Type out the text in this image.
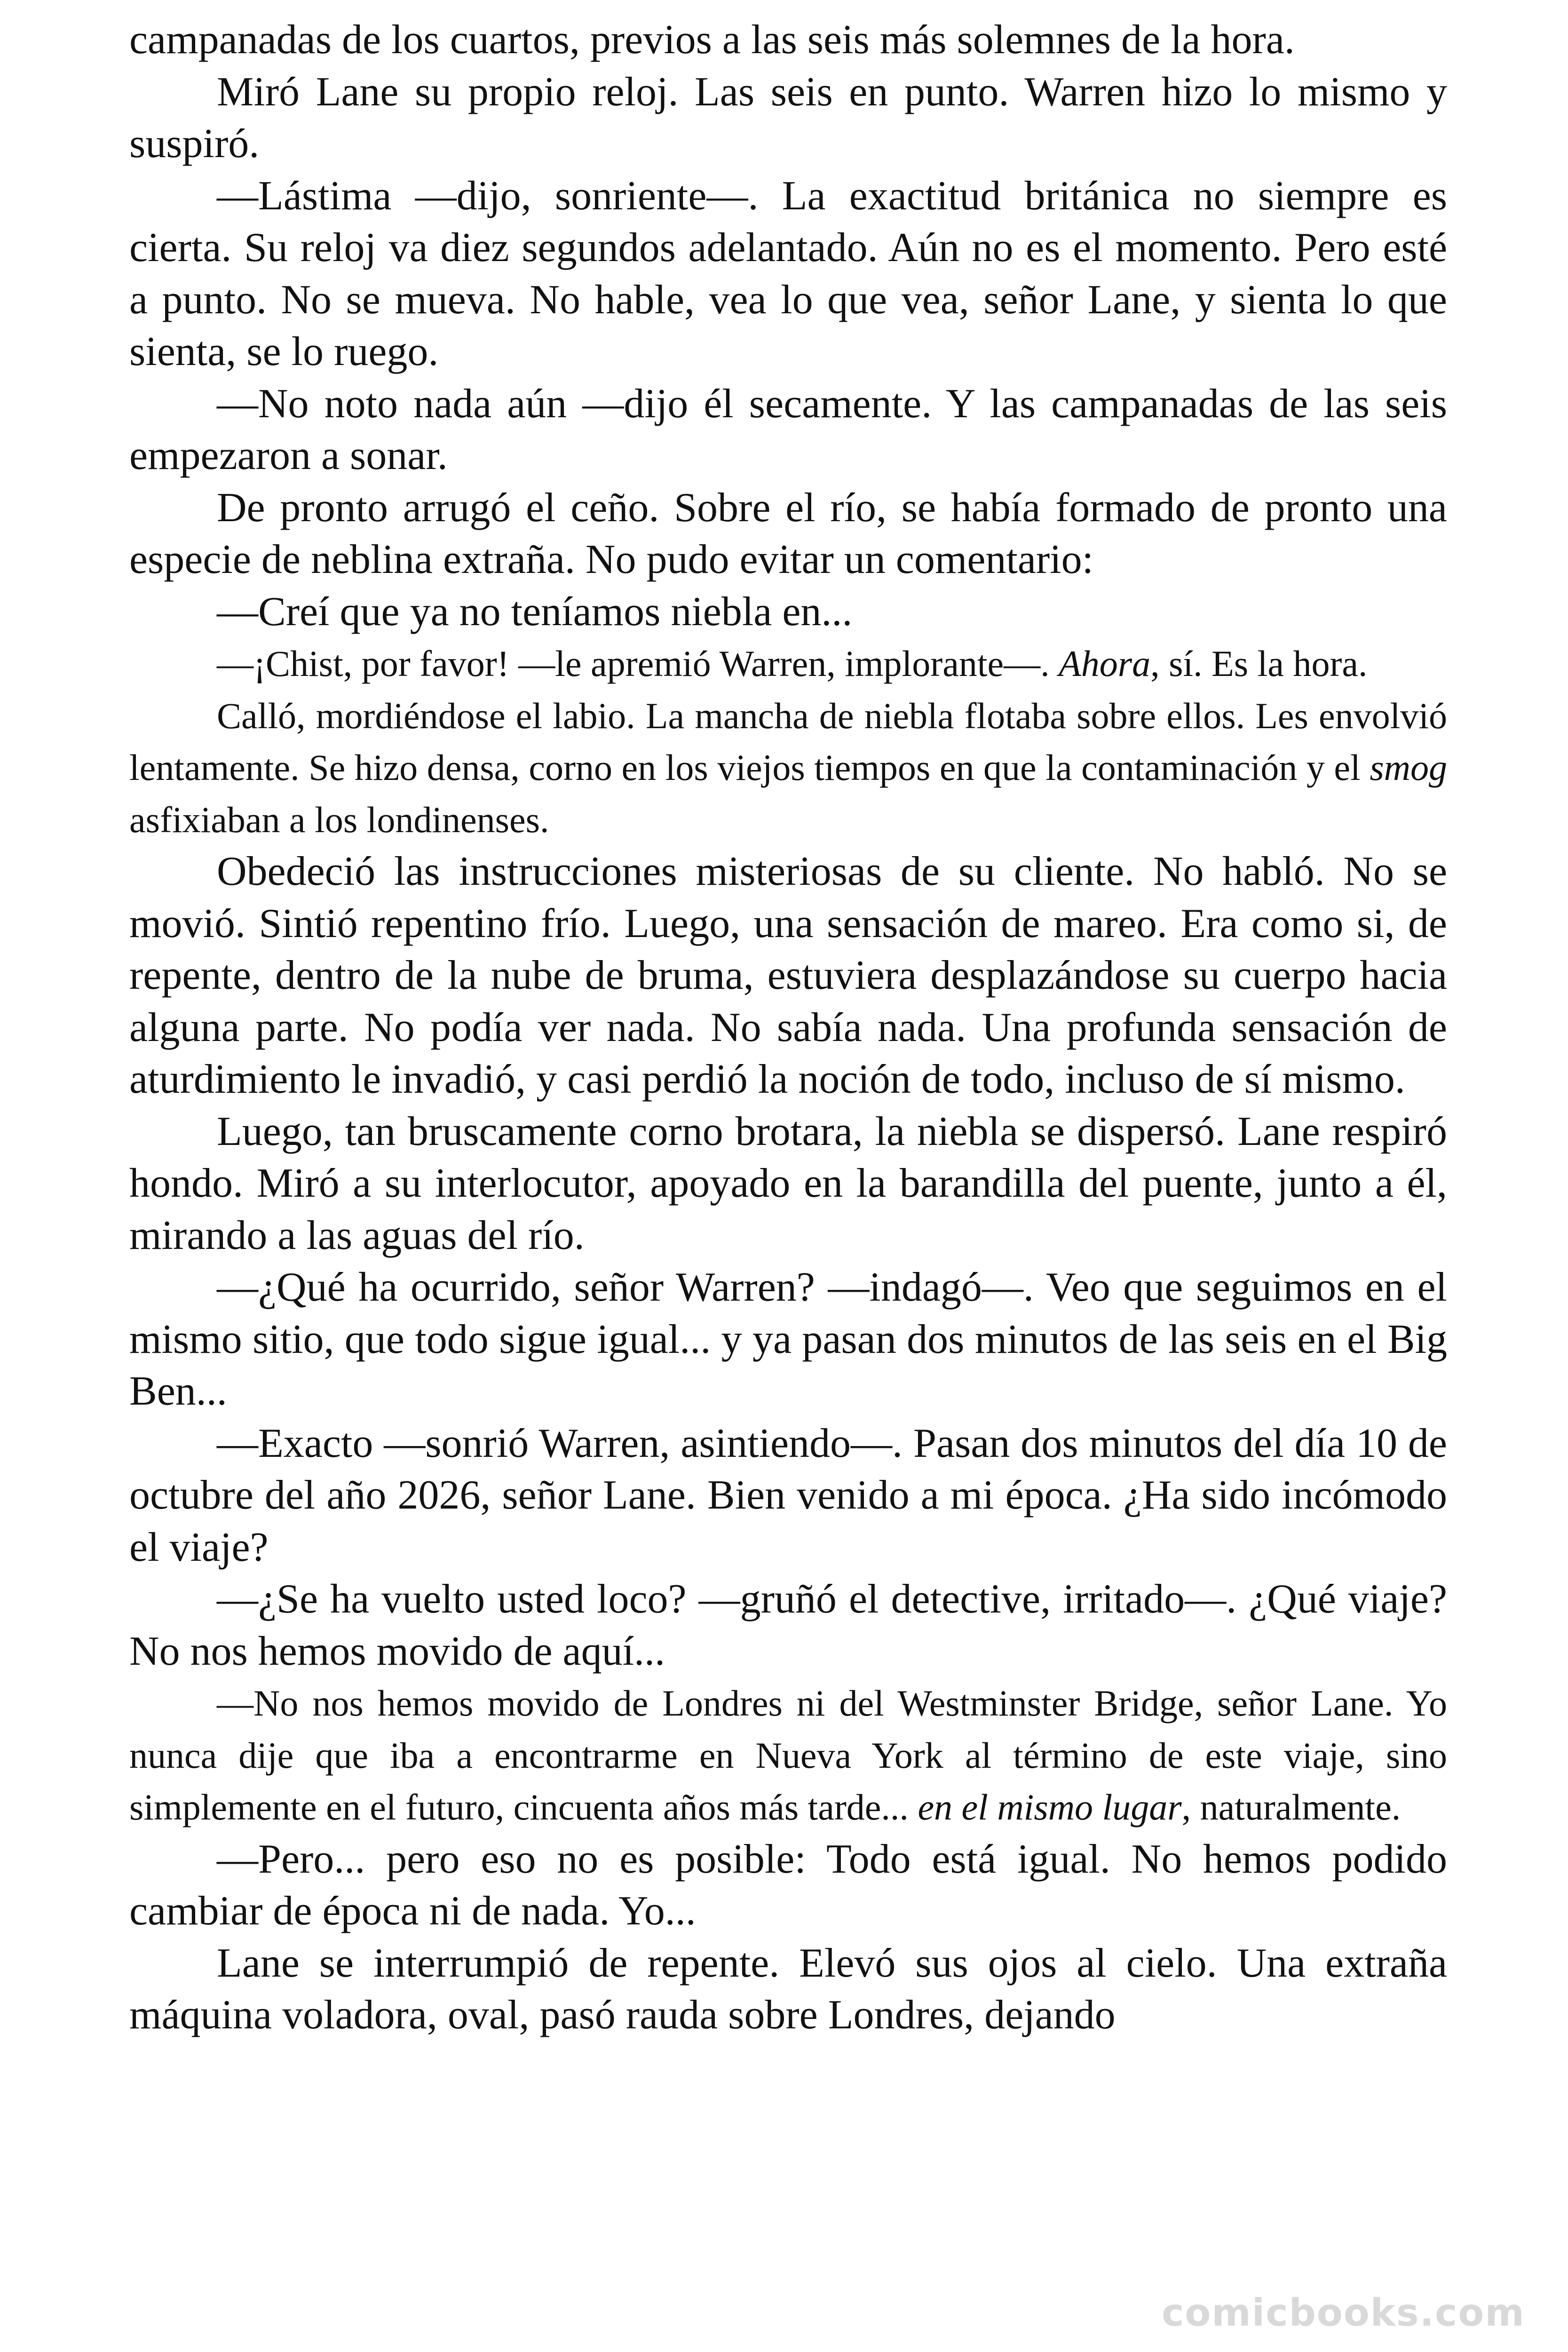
campanadas de los cuartos, previos a las seis más solemnes de la hora.

Miró Lane su propio reloj. Las seis en punto. Warren hizo lo mismo y suspiró.

—Lástima —dijo, sonriente—. La exactitud británica no siempre es cierta. Su reloj va diez segundos adelantado. Aún no es el momento. Pero esté a punto. No se mueva. No hable, vea lo que vea, señor Lane, y sienta lo que sienta, se lo ruego.

—No noto nada aún —dijo él secamente. Y las campanadas de las seis empezaron a sonar.

De pronto arrugó el ceño. Sobre el río, se había formado de pronto una especie de neblina extraña. No pudo evitar un comentario:

—Creí que ya no teníamos niebla en...

—¡Chist, por favor! —le apremió Warren, implorante—. Ahora, sí. Es la hora.

Calló, mordiéndose el labio. La mancha de niebla flotaba sobre ellos. Les envolvió lentamente. Se hizo densa, corno en los viejos tiempos en que la contaminación y el smog asfixiaban a los londinenses.

Obedeció las instrucciones misteriosas de su cliente. No habló. No se movió. Sintió repentino frío. Luego, una sensación de mareo. Era como si, de repente, dentro de la nube de bruma, estuviera desplazándose su cuerpo hacia alguna parte. No podía ver nada. No sabía nada. Una profunda sensación de aturdimiento le invadió, y casi perdió la noción de todo, incluso de sí mismo.

Luego, tan bruscamente corno brotara, la niebla se dispersó. Lane respiró hondo. Miró a su interlocutor, apoyado en la barandilla del puente, junto a él, mirando a las aguas del río.

—¿Qué ha ocurrido, señor Warren? —indagó—. Veo que seguimos en el mismo sitio, que todo sigue igual... y ya pasan dos minutos de las seis en el Big Ben...

—Exacto —sonrió Warren, asintiendo—. Pasan dos minutos del día 10 de octubre del año 2026, señor Lane. Bien venido a mi época. ¿Ha sido incómodo el viaje?

—¿Se ha vuelto usted loco? —gruñó el detective, irritado—. ¿Qué viaje? No nos hemos movido de aquí...

—No nos hemos movido de Londres ni del Westminster Bridge, señor Lane. Yo nunca dije que iba a encontrarme en Nueva York al término de este viaje, sino simplemente en el futuro, cincuenta años más tarde... en el mismo lugar, naturalmente.

—Pero... pero eso no es posible: Todo está igual. No hemos podido cambiar de época ni de nada. Yo...

Lane se interrumpió de repente. Elevó sus ojos al cielo. Una extraña máquina voladora, oval, pasó rauda sobre Londres, dejando

comicbooks.com
